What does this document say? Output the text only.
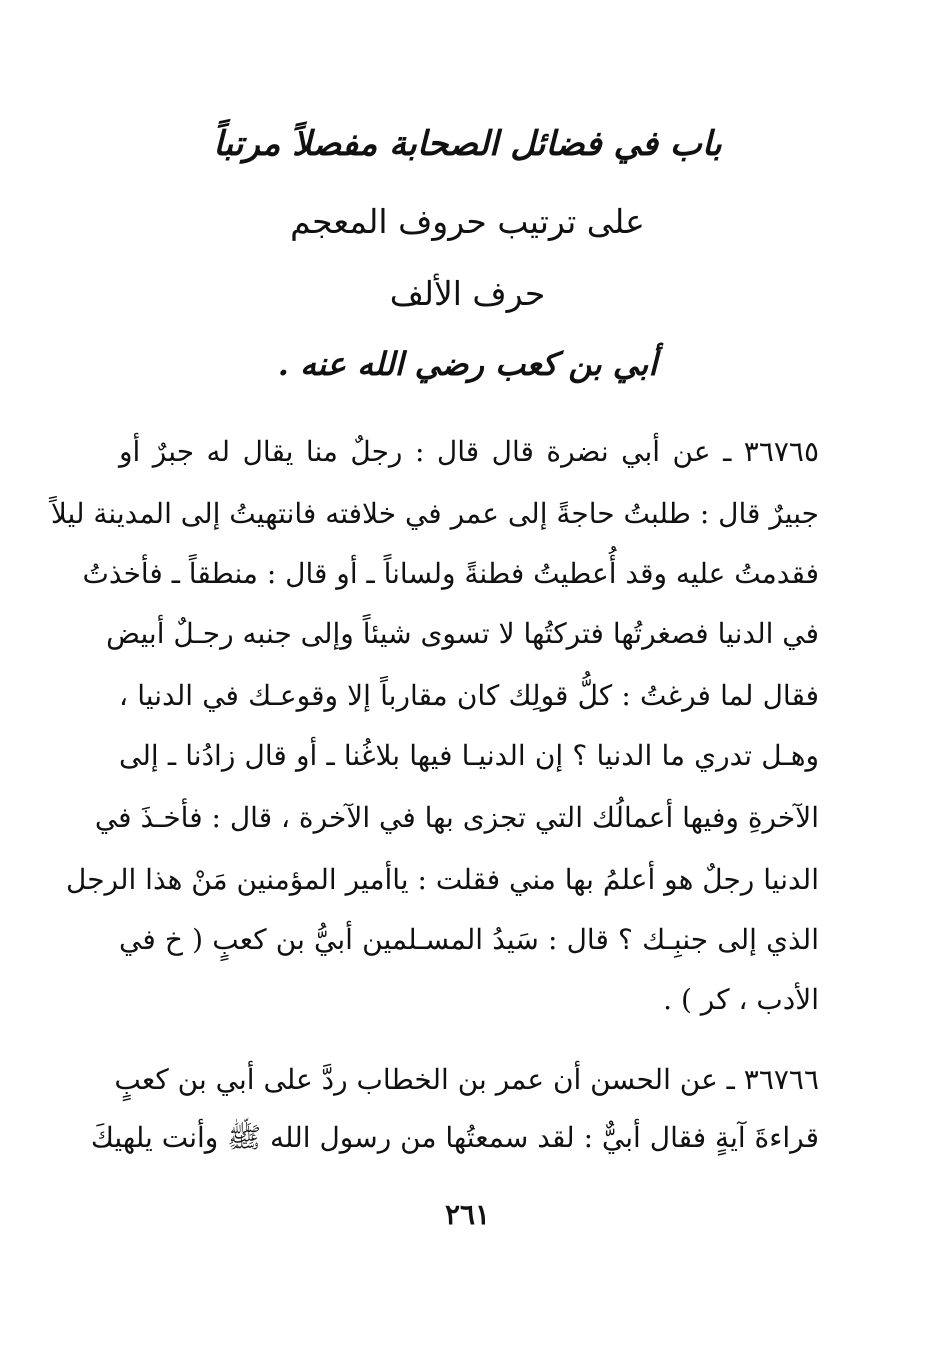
باب في فضائل الصحابة مفصلاً مرتباً
على ترتيب حروف المعجم
حرف الألف
أبي بن كعب رضي الله عنه .
٣٦٧٦٥ ـ عن أبي نضرة قال قال : رجلٌ منا يقال له جبرٌ أو
جبيرٌ قال : طلبتُ حاجةً إلى عمر في خلافته فانتهيتُ إلى المدينة ليلاً
فقدمتُ عليه وقد أُعطيتُ فطنةً ولساناً ـ أو قال : منطقاً ـ فأخذتُ
في الدنيا فصغرتُها فتركتُها لا تسوى شيئاً وإلى جنبه رجـلٌ أبيض
فقال لما فرغتُ : كلُّ قولِك كان مقارباً إلا وقوعـك في الدنيا ،
وهـل تدري ما الدنيا ؟ إن الدنيـا فيها بلاغُنا ـ أو قال زادُنا ـ إلى
الآخرةِ وفيها أعمالُك التي تجزى بها في الآخرة ، قال : فأخـذَ في
الدنيا رجلٌ هو أعلمُ بها مني فقلت : ياأمير المؤمنين مَنْ هذا الرجل
الذي إلى جنبِـك ؟ قال : سَيدُ المسـلمين أبيُّ بن كعبٍ ( خ في
الأدب ، كر ) .
٣٦٧٦٦ ـ عن الحسن أن عمر بن الخطاب ردَّ على أبي بن كعبٍ
قراءةَ آيةٍ فقال أبيٌّ : لقد سمعتُها من رسول الله ﷺ وأنت يلهيكَ
٢٦١
